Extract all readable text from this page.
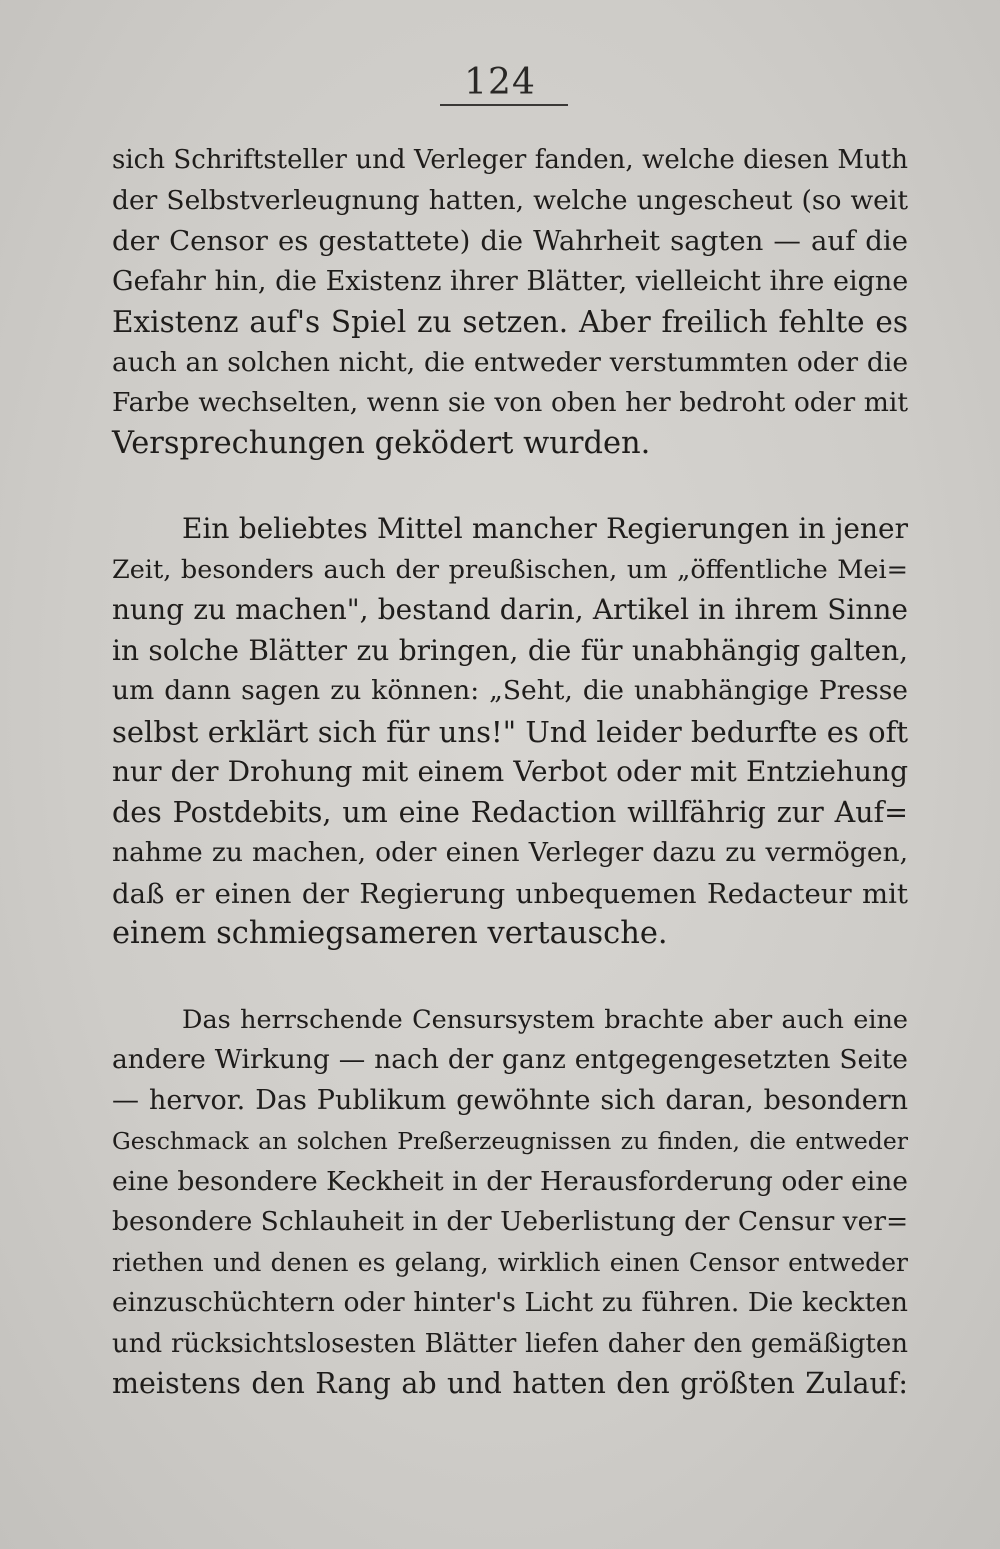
124
sich Schriftsteller und Verleger fanden, welche diesen Muth
der Selbstverleugnung hatten, welche ungescheut (so weit
der Censor es gestattete) die Wahrheit sagten — auf die
Gefahr hin, die Existenz ihrer Blätter, vielleicht ihre eigne
Existenz auf's Spiel zu setzen. Aber freilich fehlte es
auch an solchen nicht, die entweder verstummten oder die
Farbe wechselten, wenn sie von oben her bedroht oder mit
Versprechungen geködert wurden.
Ein beliebtes Mittel mancher Regierungen in jener
Zeit, besonders auch der preußischen, um „öffentliche Mei=
nung zu machen", bestand darin, Artikel in ihrem Sinne
in solche Blätter zu bringen, die für unabhängig galten,
um dann sagen zu können: „Seht, die unabhängige Presse
selbst erklärt sich für uns!" Und leider bedurfte es oft
nur der Drohung mit einem Verbot oder mit Entziehung
des Postdebits, um eine Redaction willfährig zur Auf=
nahme zu machen, oder einen Verleger dazu zu vermögen,
daß er einen der Regierung unbequemen Redacteur mit
einem schmiegsameren vertausche.
Das herrschende Censursystem brachte aber auch eine
andere Wirkung — nach der ganz entgegengesetzten Seite
— hervor. Das Publikum gewöhnte sich daran, besondern
Geschmack an solchen Preßerzeugnissen zu finden, die entweder
eine besondere Keckheit in der Herausforderung oder eine
besondere Schlauheit in der Ueberlistung der Censur ver=
riethen und denen es gelang, wirklich einen Censor entweder
einzuschüchtern oder hinter's Licht zu führen. Die keckten
und rücksichtslosesten Blätter liefen daher den gemäßigten
meistens den Rang ab und hatten den größten Zulauf:
